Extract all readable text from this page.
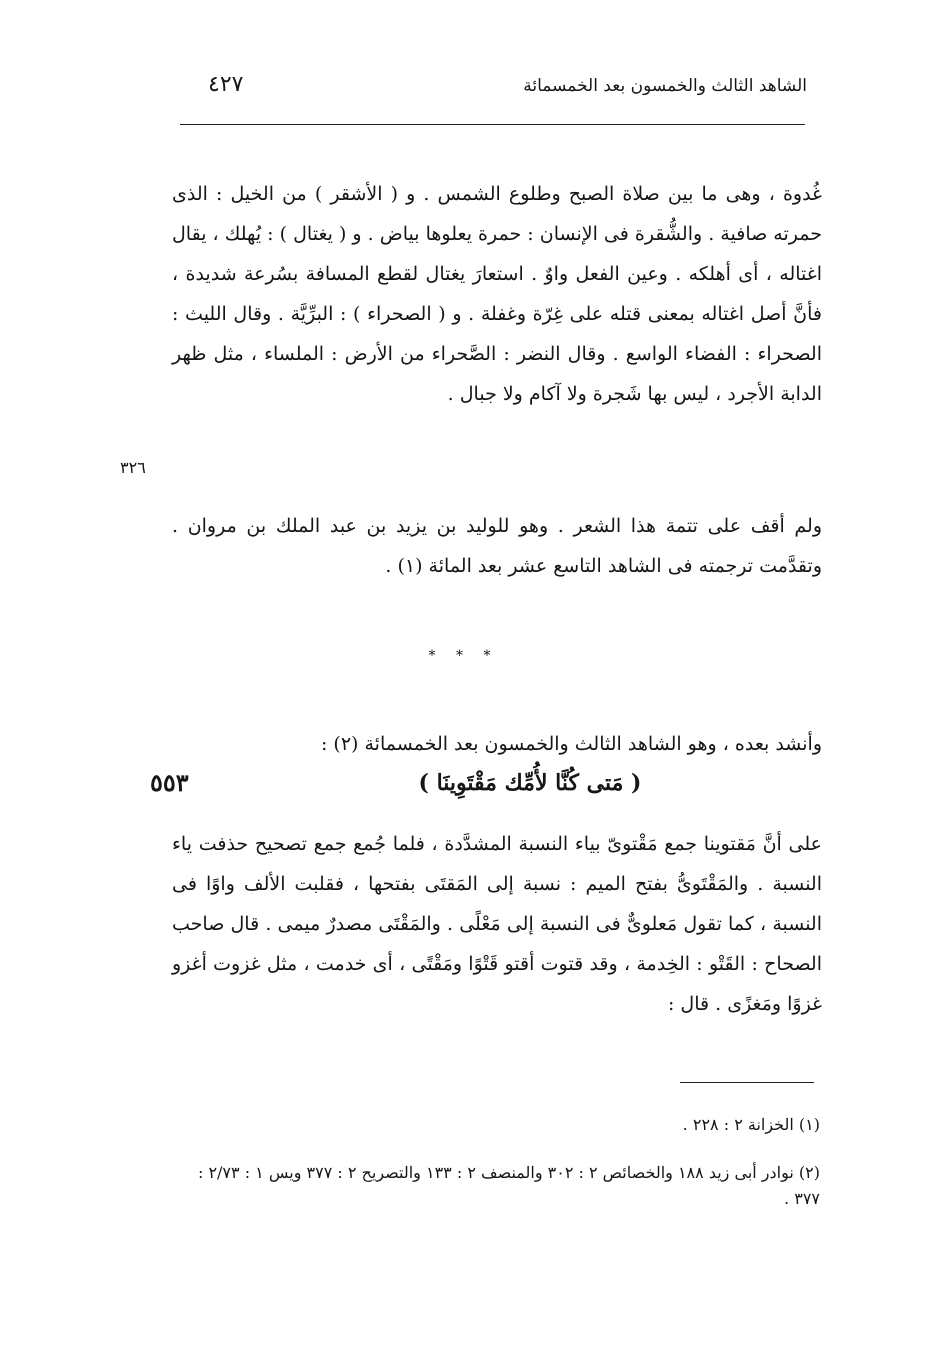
الشاهد الثالث والخمسون بعد الخمسمائة
٤٢٧
غُدوة ، وهى ما بين صلاة الصبح وطلوع الشمس . و ( الأشقر ) من الخيل : الذى حمرته صافية . والشُّقرة فى الإنسان : حمرة يعلوها بياض . و ( يغتال ) : يُهلك ، يقال اغتاله ، أى أهلكه . وعين الفعل واوٌ . استعارَ يغتال لقطع المسافة بسُرعة شديدة ، فأنَّ أصل اغتاله بمعنى قتله على غِرّة وغفلة . و ( الصحراء ) : البرِّيَّة . وقال الليث : الصحراء : الفضاء الواسع . وقال النضر : الصَّحراء من الأرض : الملساء ، مثل ظهر الدابة الأجرد ، ليس بها شَجرة ولا آكام ولا جبال .
٣٢٦
ولم أقف على تتمة هذا الشعر . وهو للوليد بن يزيد بن عبد الملك بن مروان . وتقدَّمت ترجمته فى الشاهد التاسع عشر بعد المائة (١) .
* * *
وأنشد بعده ، وهو الشاهد الثالث والخمسون بعد الخمسمائة (٢) :
( مَتى كُنَّا لأُمِّك مَقْتَوِينَا )
٥٥٣
على أنَّ مَقتوينا جمع مَقْتوىّ بياء النسبة المشدَّدة ، فلما جُمع جمع تصحيح حذفت ياء النسبة . والمَقْتَوىُّ بفتح الميم : نسبة إلى المَقتَى بفتحها ، فقلبت الألف واوًا فى النسبة ، كما تقول مَعلوىٌّ فى النسبة إلى مَعْلًى . والمَقْتَى مصدرٌ ميمى . قال صاحب الصحاح : القَتْو : الخِدمة ، وقد قتوت أقتو قَتْوًا ومَقْتًى ، أى خدمت ، مثل غزوت أغزو غزوًا ومَغزًى . قال :
(١) الخزانة ٢ : ٢٢٨ .
(٢) نوادر أبى زيد ١٨٨ والخصائص ٢ : ٣٠٢ والمنصف ٢ : ١٣٣ والتصريح ٢ : ٣٧٧ ويس ١ : ٢/٧٣ : ٣٧٧ .
